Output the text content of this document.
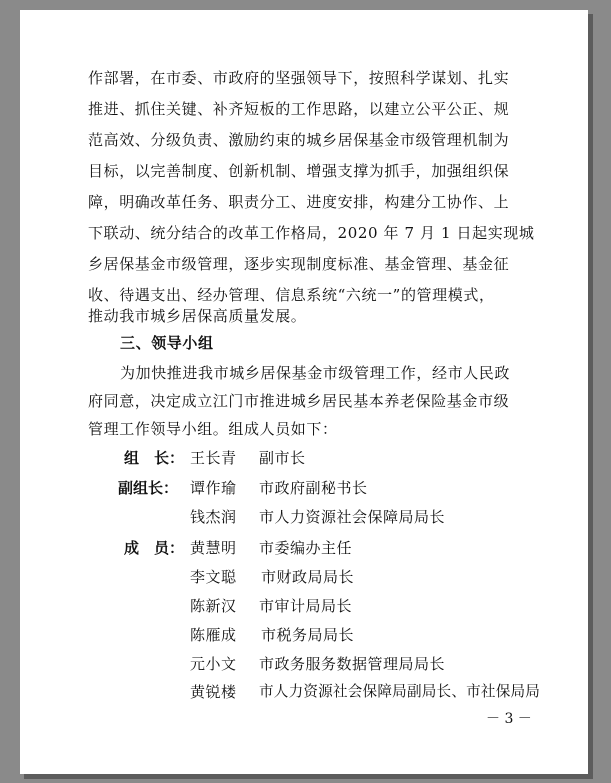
作部署，在市委、市政府的坚强领导下，按照科学谋划、扎实
推进、抓住关键、补齐短板的工作思路，以建立公平公正、规
范高效、分级负责、激励约束的城乡居保基金市级管理机制为
目标，以完善制度、创新机制、增强支撑为抓手，加强组织保
障，明确改革任务、职责分工、进度安排，构建分工协作、上
下联动、统分结合的改革工作格局，2020 年 7 月 1 日起实现城
乡居保基金市级管理，逐步实现制度标准、基金管理、基金征
收、待遇支出、经办管理、信息系统“六统一”的管理模式，
推动我市城乡居保高质量发展。
三、领导小组
为加快推进我市城乡居保基金市级管理工作，经市人民政
府同意，决定成立江门市推进城乡居民基本养老保险基金市级
管理工作领导小组。组成人员如下：
组　长： 王长青 副市长
副组长： 谭作瑜 市政府副秘书长
钱杰润 市人力资源社会保障局局长
成　员： 黄慧明 市委编办主任
李文聪 市财政局局长
陈新汉 市审计局局长
陈雁成 市税务局局长
元小文 市政务服务数据管理局局长
黄锐楼 市人力资源社会保障局副局长、市社保局局
－ 3 －
